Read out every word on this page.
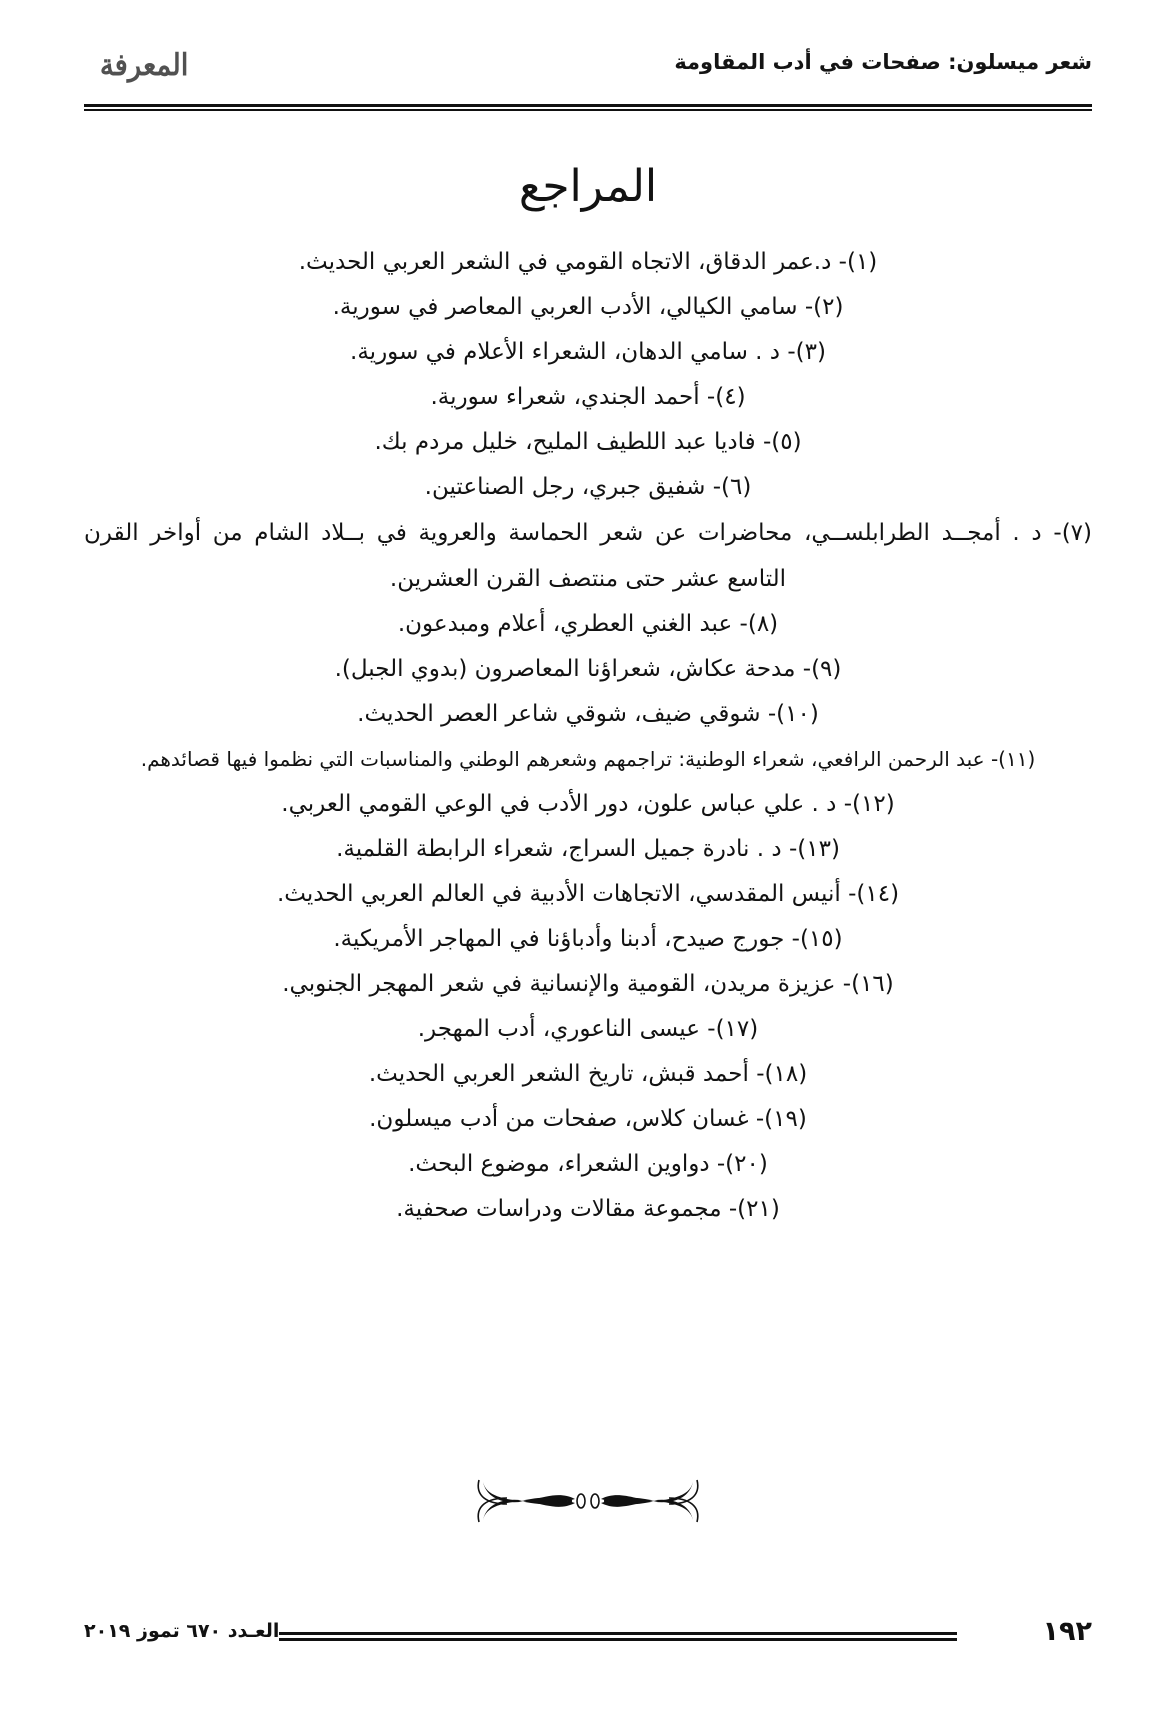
شعر ميسلون: صفحات في أدب المقاومة
المعرفة
المراجع
(١)- د.عمر الدقاق، الاتجاه القومي في الشعر العربي الحديث.
(٢)- سامي الكيالي، الأدب العربي المعاصر في سورية.
(٣)- د . سامي الدهان، الشعراء الأعلام في سورية.
(٤)- أحمد الجندي، شعراء سورية.
(٥)- فاديا عبد اللطيف المليح، خليل مردم بك.
(٦)- شفيق جبري، رجل الصناعتين.
(٧)- د . أمجــد الطرابلســي، محاضرات عن شعر الحماسة والعروية في بــلاد الشام من أواخر القرن التاسع عشر حتى منتصف القرن العشرين.
(٨)- عبد الغني العطري، أعلام ومبدعون.
(٩)- مدحة عكاش، شعراؤنا المعاصرون (بدوي الجبل).
(١٠)- شوقي ضيف، شوقي شاعر العصر الحديث.
(١١)- عبد الرحمن الرافعي، شعراء الوطنية: تراجمهم وشعرهم الوطني والمناسبات التي نظموا فيها قصائدهم.
(١٢)- د . علي عباس علون، دور الأدب في الوعي القومي العربي.
(١٣)- د . نادرة جميل السراج، شعراء الرابطة القلمية.
(١٤)- أنيس المقدسي، الاتجاهات الأدبية في العالم العربي الحديث.
(١٥)- جورج صيدح، أدبنا وأدباؤنا في المهاجر الأمريكية.
(١٦)- عزيزة مريدن، القومية والإنسانية في شعر المهجر الجنوبي.
(١٧)- عيسى الناعوري، أدب المهجر.
(١٨)- أحمد قبش، تاريخ الشعر العربي الحديث.
(١٩)- غسان كلاس، صفحات من أدب ميسلون.
(٢٠)- دواوين الشعراء، موضوع البحث.
(٢١)- مجموعة مقالات ودراسات صحفية.
العـدد ٦٧٠ تموز ٢٠١٩	١٩٢
